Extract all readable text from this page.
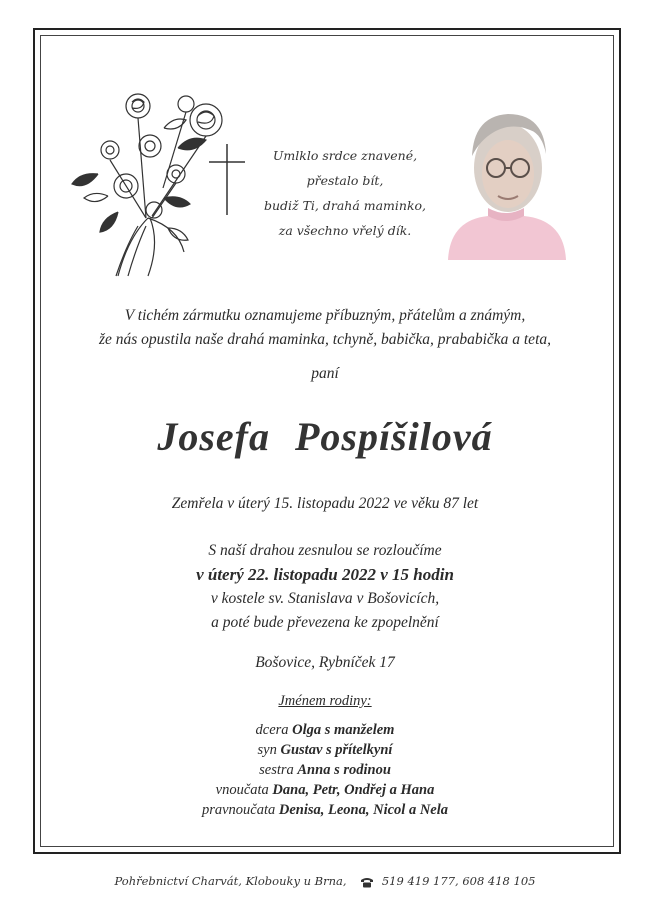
Umlklo srdce znavené,
přestalo bít,
budiž Ti, drahá maminko,
za všechno vřelý dík.
V tichém zármutku oznamujeme příbuzným, přátelům a známým,
že nás opustila naše drahá maminka, tchyně, babička, prababička a teta,
paní
Josefa Pospíšilová
Zemřela v úterý 15. listopadu 2022 ve věku 87 let
S naší drahou zesnulou se rozloučíme
v úterý 22. listopadu 2022 v 15 hodin
v kostele sv. Stanislava v Bošovicích,
a poté bude převezena ke zpopelnění
Bošovice, Rybníček 17
Jménem rodiny:
dcera Olga s manželem
syn Gustav s přítelkyní
sestra Anna s rodinou
vnoučata Dana, Petr, Ondřej a Hana
pravnoučata Denisa, Leona, Nicol a Nela
Pohřebnictví Charvát, Klobouky u Brna,	519 419 177, 608 418 105
